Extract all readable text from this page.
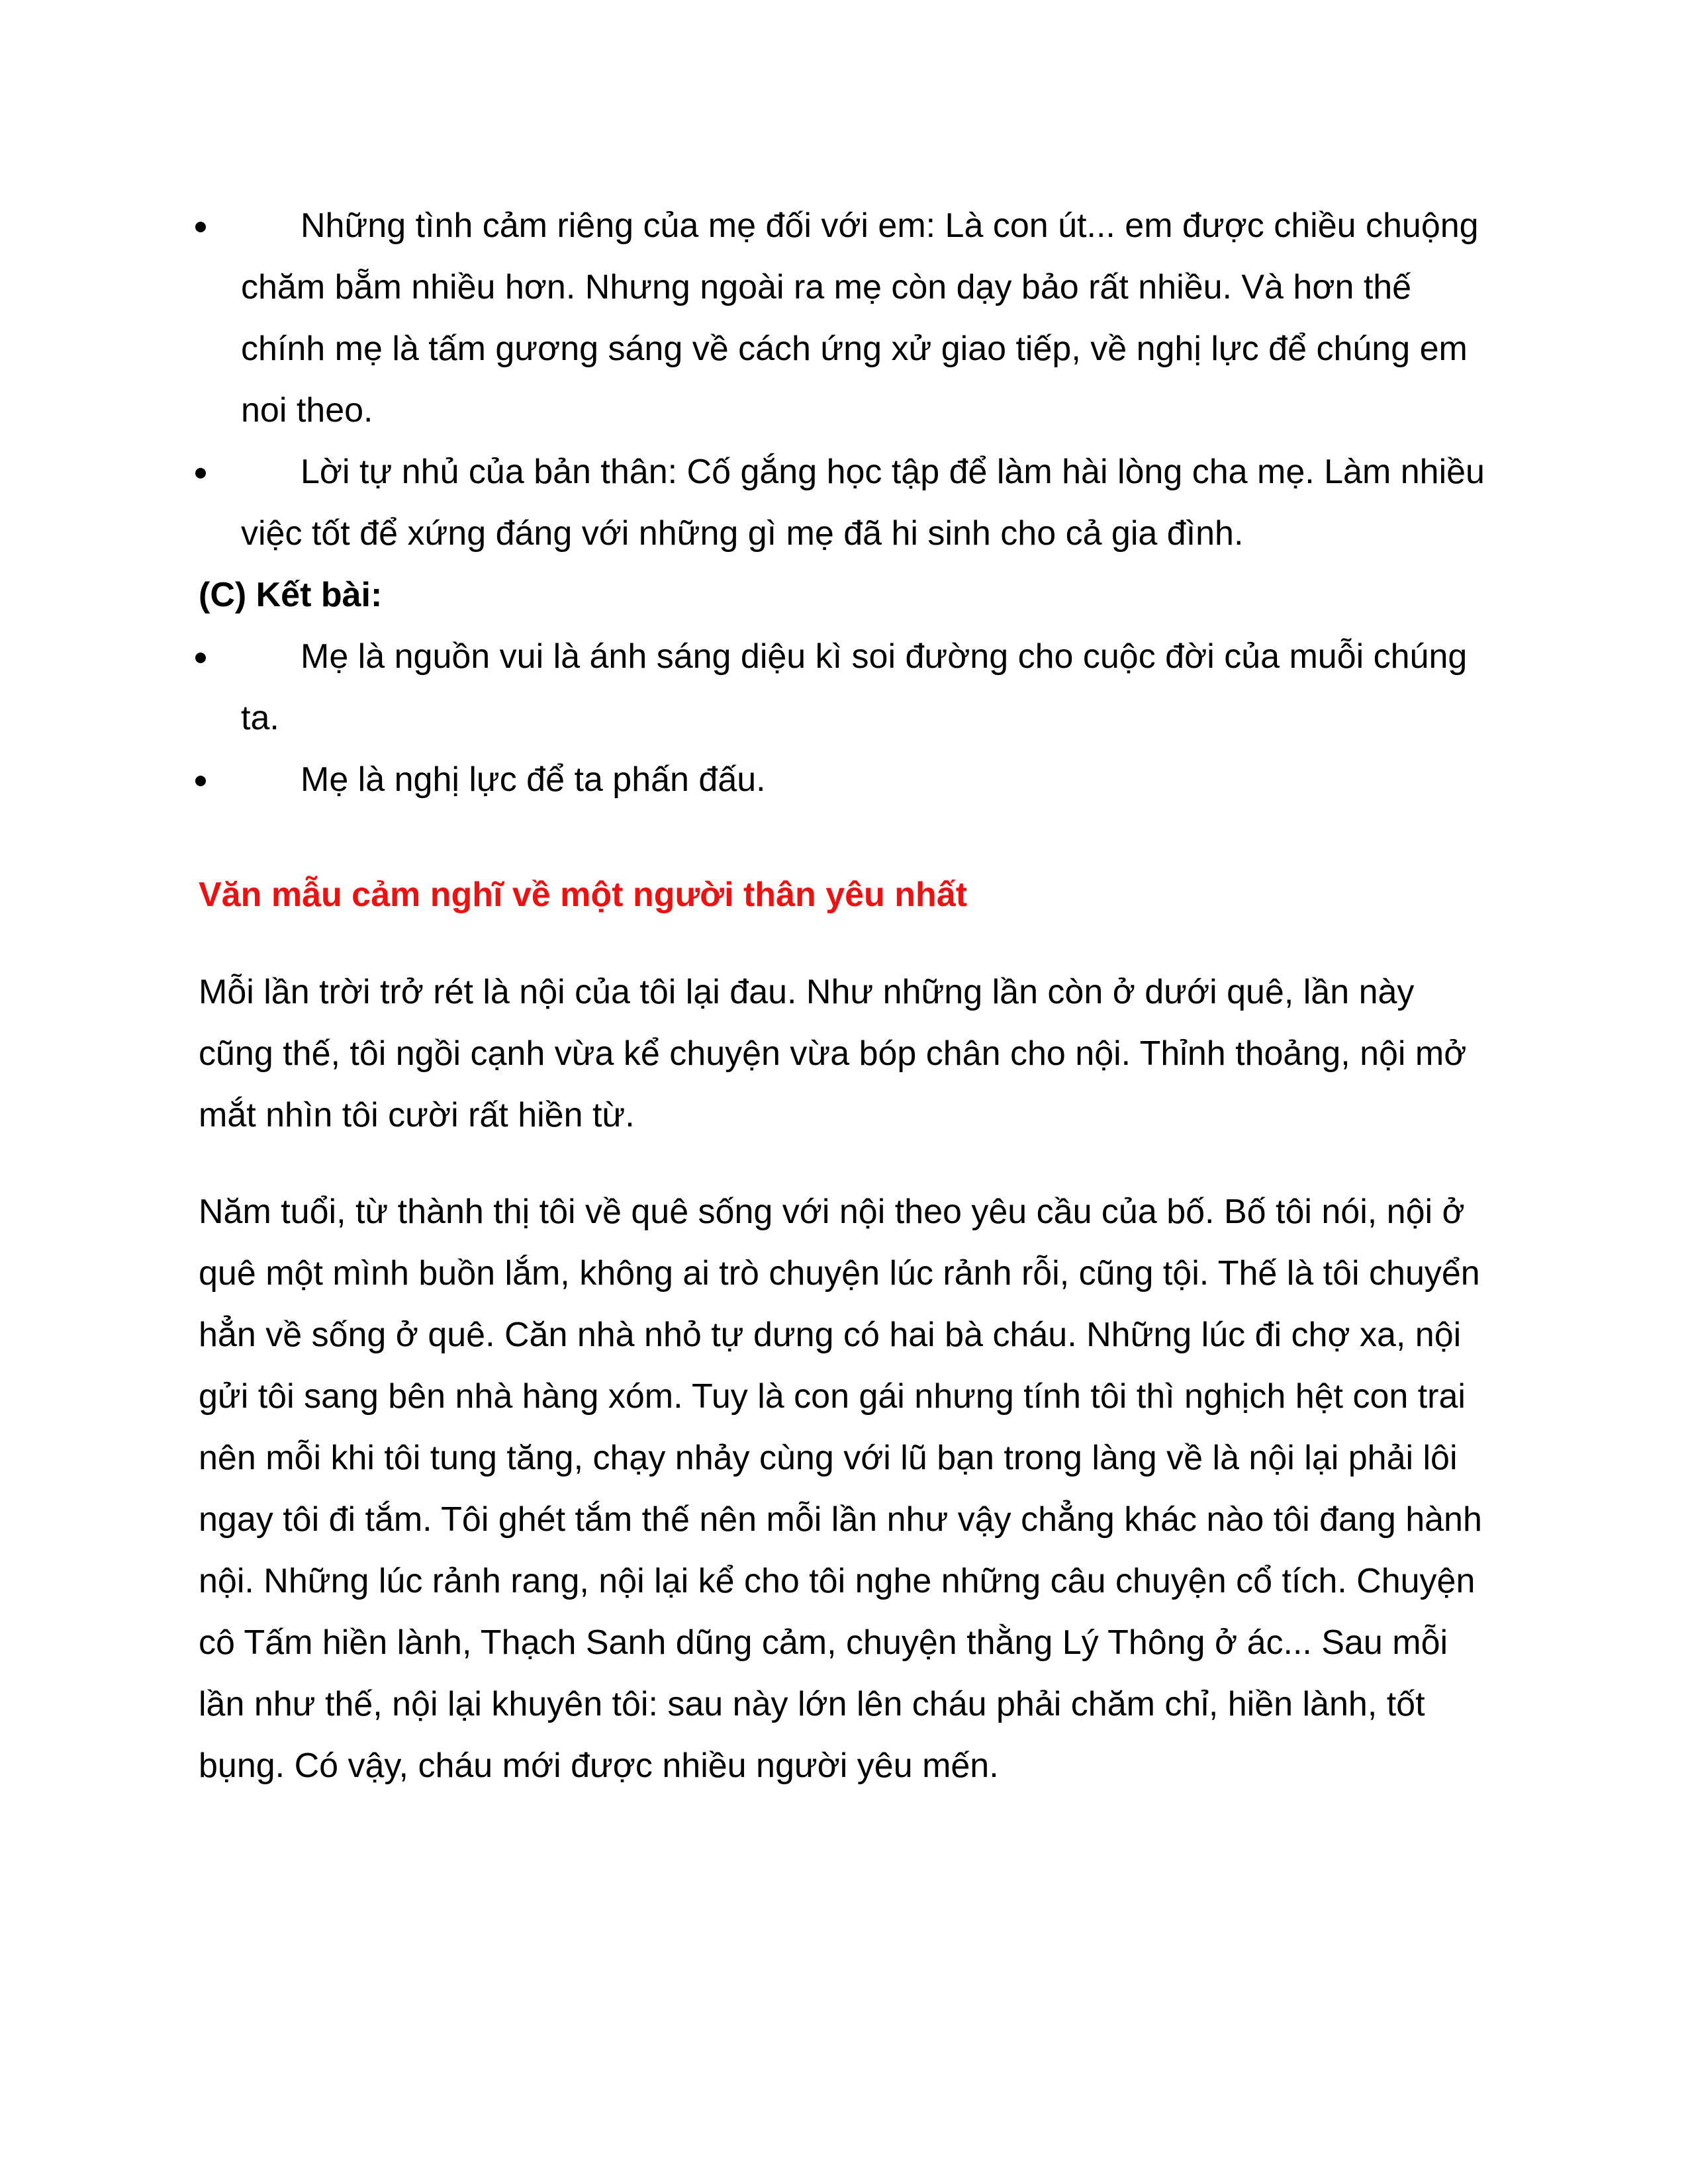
Những tình cảm riêng của mẹ đối với em: Là con út... em được chiều chuộng chăm bẵm nhiều hơn. Nhưng ngoài ra mẹ còn dạy bảo rất nhiều. Và hơn thế chính mẹ là tấm gương sáng về cách ứng xử giao tiếp, về nghị lực để chúng em noi theo.
Lời tự nhủ của bản thân: Cố gắng học tập để làm hài lòng cha mẹ. Làm nhiều việc tốt để xứng đáng với những gì mẹ đã hi sinh cho cả gia đình.

(C) Kết bài:

Mẹ là nguồn vui là ánh sáng diệu kì soi đường cho cuộc đời của muỗi chúng ta.
Mẹ là nghị lực để ta phấn đấu.

Văn mẫu cảm nghĩ về một người thân yêu nhất

Mỗi lần trời trở rét là nội của tôi lại đau. Như những lần còn ở dưới quê, lần này cũng thế, tôi ngồi cạnh vừa kể chuyện vừa bóp chân cho nội. Thỉnh thoảng, nội mở mắt nhìn tôi cười rất hiền từ.

Năm tuổi, từ thành thị tôi về quê sống với nội theo yêu cầu của bố. Bố tôi nói, nội ở quê một mình buồn lắm, không ai trò chuyện lúc rảnh rỗi, cũng tội. Thế là tôi chuyển hẳn về sống ở quê. Căn nhà nhỏ tự dưng có hai bà cháu. Những lúc đi chợ xa, nội gửi tôi sang bên nhà hàng xóm. Tuy là con gái nhưng tính tôi thì nghịch hệt con trai nên mỗi khi tôi tung tăng, chạy nhảy cùng với lũ bạn trong làng về là nội lại phải lôi ngay tôi đi tắm. Tôi ghét tắm thế nên mỗi lần như vậy chẳng khác nào tôi đang hành nội. Những lúc rảnh rang, nội lại kể cho tôi nghe những câu chuyện cổ tích. Chuyện cô Tấm hiền lành, Thạch Sanh dũng cảm, chuyện thằng Lý Thông ở ác... Sau mỗi lần như thế, nội lại khuyên tôi: sau này lớn lên cháu phải chăm chỉ, hiền lành, tốt bụng. Có vậy, cháu mới được nhiều người yêu mến.
